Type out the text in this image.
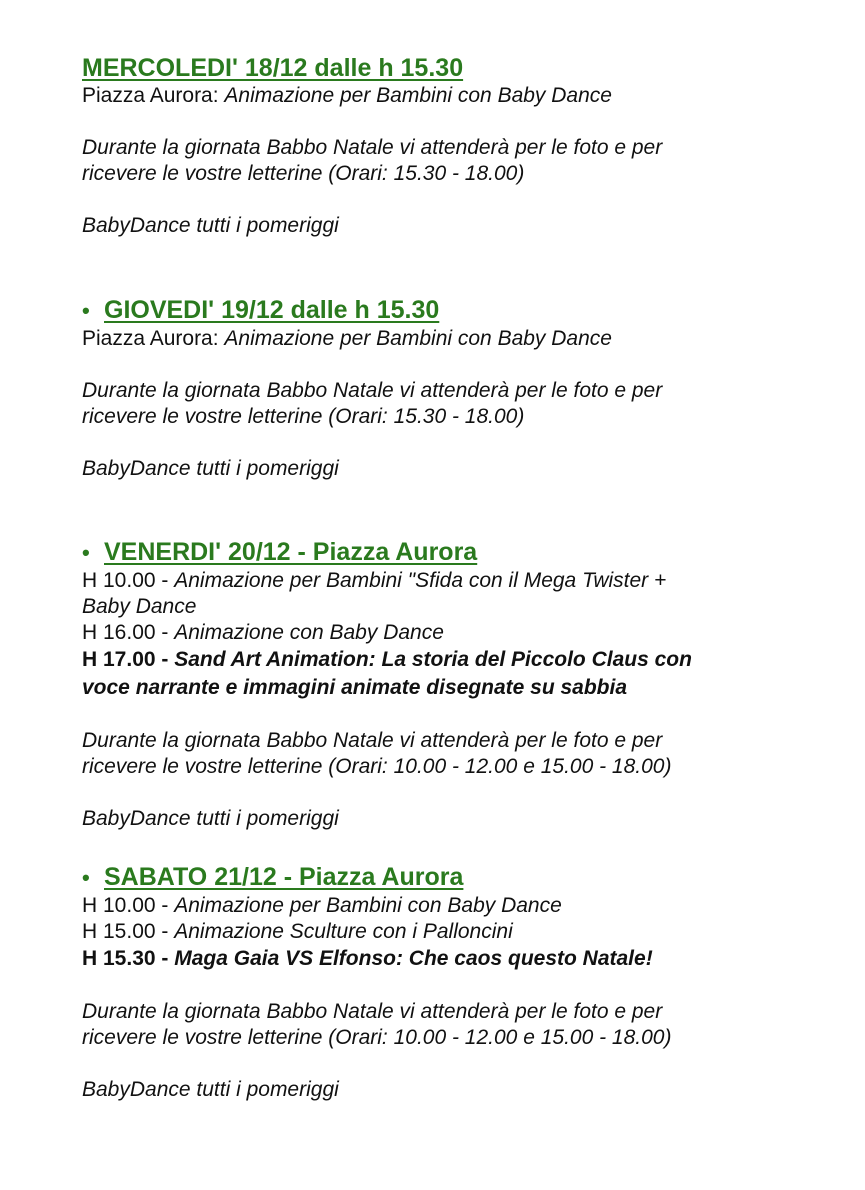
MERCOLEDI' 18/12 dalle h 15.30
Piazza Aurora: Animazione per Bambini con Baby Dance
Durante la giornata Babbo Natale vi attenderà per le foto e per
ricevere le vostre letterine (Orari: 15.30 - 18.00)
BabyDance tutti i pomeriggi
• GIOVEDI' 19/12 dalle h 15.30
Piazza Aurora: Animazione per Bambini con Baby Dance
Durante la giornata Babbo Natale vi attenderà per le foto e per
ricevere le vostre letterine (Orari: 15.30 - 18.00)
BabyDance tutti i pomeriggi
• VENERDI' 20/12 - Piazza Aurora
H 10.00 - Animazione per Bambini "Sfida con il Mega Twister +
Baby Dance
H 16.00 - Animazione con Baby Dance
H 17.00 - Sand Art Animation: La storia del Piccolo Claus con
voce narrante e immagini animate disegnate su sabbia
Durante la giornata Babbo Natale vi attenderà per le foto e per
ricevere le vostre letterine (Orari: 10.00 - 12.00 e 15.00 - 18.00)
BabyDance tutti i pomeriggi
• SABATO 21/12 - Piazza Aurora
H 10.00 - Animazione per Bambini con Baby Dance
H 15.00 - Animazione Sculture con i Palloncini
H 15.30 - Maga Gaia VS Elfonso: Che caos questo Natale!
Durante la giornata Babbo Natale vi attenderà per le foto e per
ricevere le vostre letterine (Orari: 10.00 - 12.00 e 15.00 - 18.00)
BabyDance tutti i pomeriggi
